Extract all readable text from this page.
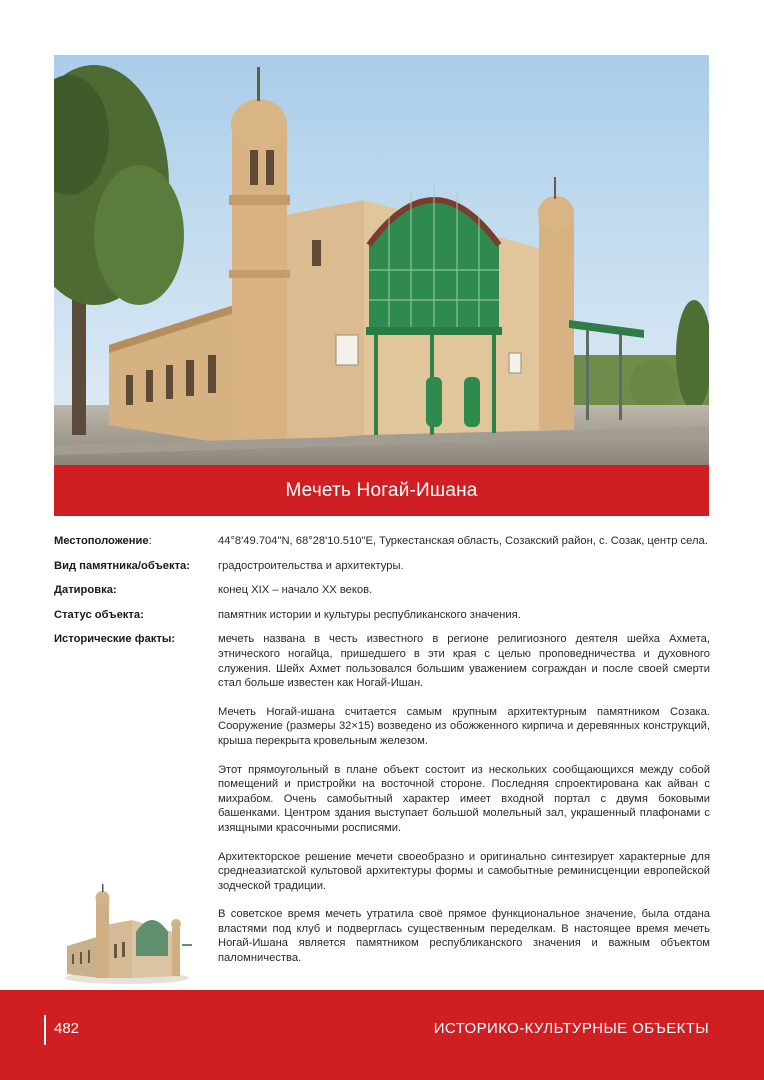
Мечеть Ногай-Ишана
Местоположение:	44°8'49.704"N, 68°28'10.510"E, Туркестанская область, Созакский район, с. Созак, центр села.

Вид памятника/объекта:	градостроительства и архитектуры.

Датировка:	конец XIX – начало XX веков.

Статус объекта:	памятник истории и культуры республиканского значения.

Исторические факты:	мечеть названа в честь известного в регионе религиозного деятеля шейха Ахмета, этнического ногайца, пришедшего в эти края с целью проповедничества и духовного служения. Шейх Ахмет пользовался большим уважением сограждан и после своей смерти стал больше известен как Ногай-Ишан.

Мечеть Ногай-ишана считается самым крупным архитектурным памятником Созака. Сооружение (размеры 32×15) возведено из обожженного кирпича и деревянных конструкций, крыша перекрыта кровельным железом.

Этот прямоугольный в плане объект состоит из нескольких сообщающихся между собой помещений и пристройки на восточной стороне. Последняя спроектирована как айван с михрабом. Очень самобытный характер имеет входной портал с двумя боковыми башенками. Центром здания выступает большой молельный зал, украшенный плафонами с изящными красочными росписями.

Архитекторское решение мечети своеобразно и оригинально синтезирует характерные для среднеазиатской культовой архитектуры формы и самобытные реминисценции европейской зодческой традиции.

В советское время мечеть утратила своё прямое функциональное значение, была отдана властями под клуб и подверглась существенным переделкам. В настоящее время мечеть Ногай-Ишана является памятником республиканского значения и важным объектом паломничества.

482	ИСТОРИКО-КУЛЬТУРНЫЕ ОБЪЕКТЫ
